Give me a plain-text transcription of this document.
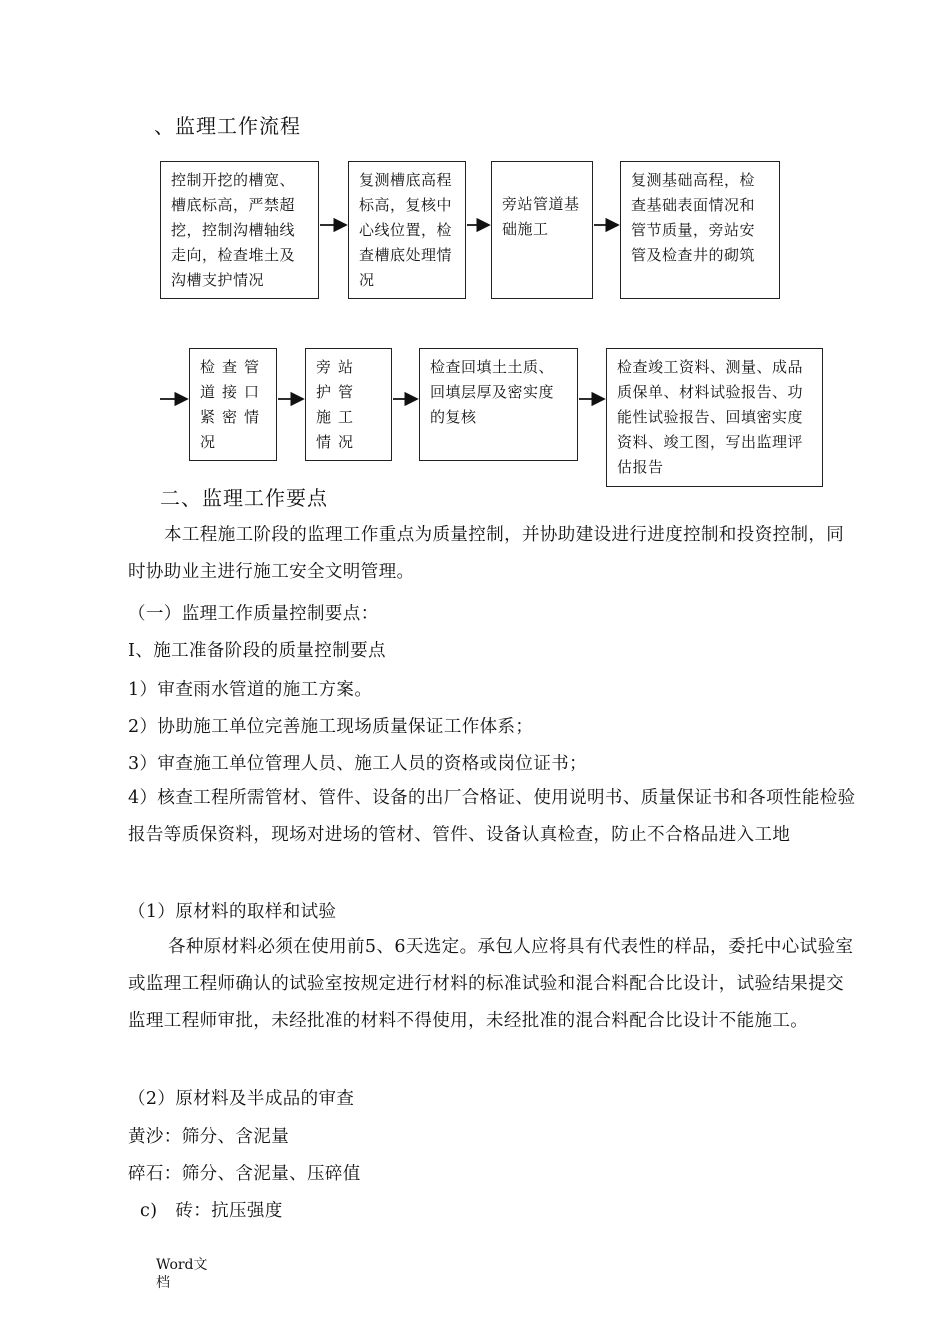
、监理工作流程
控制开挖的槽宽、槽底标高，严禁超挖，控制沟槽轴线走向，检查堆土及沟槽支护情况
复测槽底高程标高，复核中心线位置，检查槽底处理情况
旁站管道基础施工
复测基础高程，检查基础表面情况和管节质量，旁站安管及检查井的砌筑
检查管道接口紧密情况
旁站护管施工情况
检查回填土土质、回填层厚及密实度的复核
检查竣工资料、测量、成品质保单、材料试验报告、功能性试验报告、回填密实度资料、竣工图，写出监理评估报告
二、监理工作要点
本工程施工阶段的监理工作重点为质量控制，并协助建设进行进度控制和投资控制，同时协助业主进行施工安全文明管理。
（一）监理工作质量控制要点：
Ⅰ、施工准备阶段的质量控制要点
1）审查雨水管道的施工方案。
2）协助施工单位完善施工现场质量保证工作体系；
3）审查施工单位管理人员、施工人员的资格或岗位证书；
4）核查工程所需管材、管件、设备的出厂合格证、使用说明书、质量保证书和各项性能检验报告等质保资料，现场对进场的管材、管件、设备认真检查，防止不合格品进入工地
（1）原材料的取样和试验
各种原材料必须在使用前5、6天选定。承包人应将具有代表性的样品，委托中心试验室或监理工程师确认的试验室按规定进行材料的标准试验和混合料配合比设计，试验结果提交监理工程师审批，未经批准的材料不得使用，未经批准的混合料配合比设计不能施工。
（2）原材料及半成品的审查
黄沙：筛分、含泥量
碎石：筛分、含泥量、压碎值
c)　砖：抗压强度
Word文档
